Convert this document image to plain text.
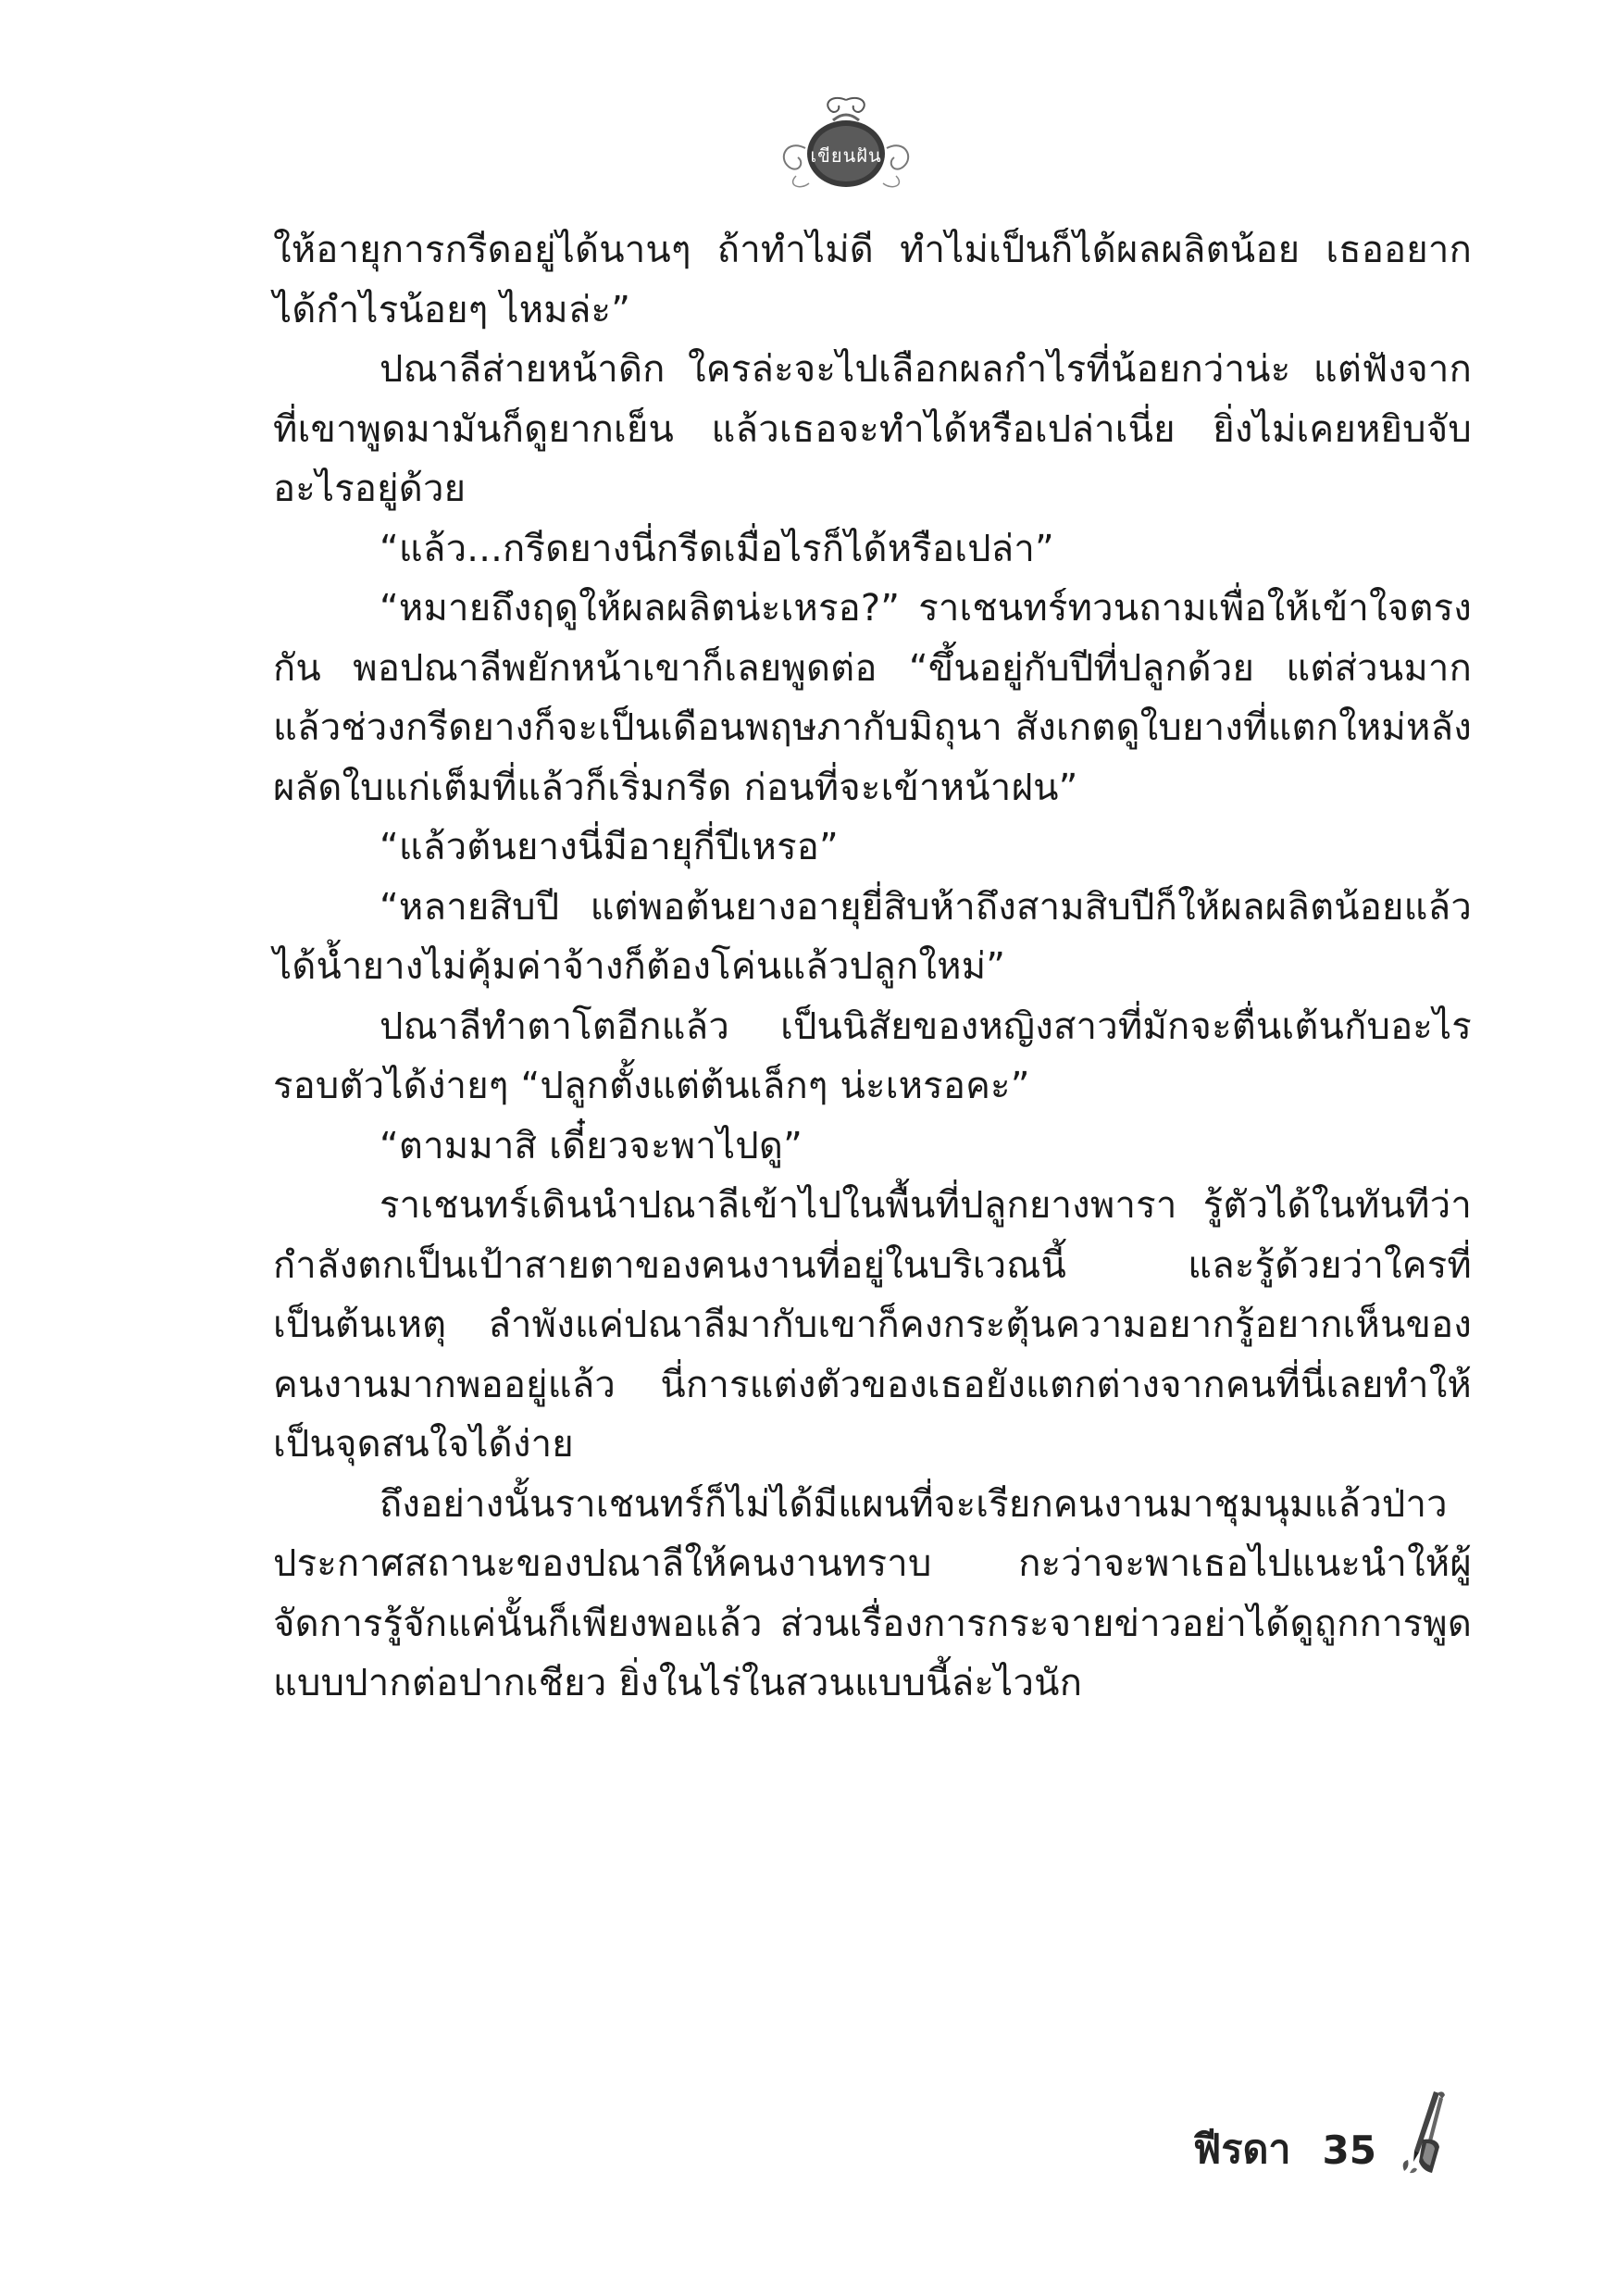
เขียนฝัน

ให้อายุการกรีดอยู่ได้นานๆ ถ้าทำไม่ดี ทำไม่เป็นก็ได้ผลผลิตน้อย เธออยากได้กำไรน้อยๆ ไหมล่ะ”

ปณาลีส่ายหน้าดิก ใครล่ะจะไปเลือกผลกำไรที่น้อยกว่าน่ะ แต่ฟังจากที่เขาพูดมามันก็ดูยากเย็น แล้วเธอจะทำได้หรือเปล่าเนี่ย ยิ่งไม่เคยหยิบจับอะไรอยู่ด้วย

“แล้ว...กรีดยางนี่กรีดเมื่อไรก็ได้หรือเปล่า”

“หมายถึงฤดูให้ผลผลิตน่ะเหรอ?” ราเชนทร์ทวนถามเพื่อให้เข้าใจตรงกัน พอปณาลีพยักหน้าเขาก็เลยพูดต่อ “ขึ้นอยู่กับปีที่ปลูกด้วย แต่ส่วนมากแล้วช่วงกรีดยางก็จะเป็นเดือนพฤษภากับมิถุนา สังเกตดูใบยางที่แตกใหม่หลังผลัดใบแก่เต็มที่แล้วก็เริ่มกรีด ก่อนที่จะเข้าหน้าฝน”

“แล้วต้นยางนี่มีอายุกี่ปีเหรอ”

“หลายสิบปี แต่พอต้นยางอายุยี่สิบห้าถึงสามสิบปีก็ให้ผลผลิตน้อยแล้ว ได้น้ำยางไม่คุ้มค่าจ้างก็ต้องโค่นแล้วปลูกใหม่”

ปณาลีทำตาโตอีกแล้ว เป็นนิสัยของหญิงสาวที่มักจะตื่นเต้นกับอะไรรอบตัวได้ง่ายๆ “ปลูกตั้งแต่ต้นเล็กๆ น่ะเหรอคะ”

“ตามมาสิ เดี๋ยวจะพาไปดู”

ราเชนทร์เดินนำปณาลีเข้าไปในพื้นที่ปลูกยางพารา รู้ตัวได้ในทันทีว่ากำลังตกเป็นเป้าสายตาของคนงานที่อยู่ในบริเวณนี้ และรู้ด้วยว่าใครที่เป็นต้นเหตุ ลำพังแค่ปณาลีมากับเขาก็คงกระตุ้นความอยากรู้อยากเห็นของคนงานมากพออยู่แล้ว นี่การแต่งตัวของเธอยังแตกต่างจากคนที่นี่เลยทำให้เป็นจุดสนใจได้ง่าย

ถึงอย่างนั้นราเชนทร์ก็ไม่ได้มีแผนที่จะเรียกคนงานมาชุมนุมแล้วป่าวประกาศสถานะของปณาลีให้คนงานทราบ กะว่าจะพาเธอไปแนะนำให้ผู้จัดการรู้จักแค่นั้นก็เพียงพอแล้ว ส่วนเรื่องการกระจายข่าวอย่าได้ดูถูกการพูดแบบปากต่อปากเชียว ยิ่งในไร่ในสวนแบบนี้ล่ะไวนัก

ฟีรดา 35
